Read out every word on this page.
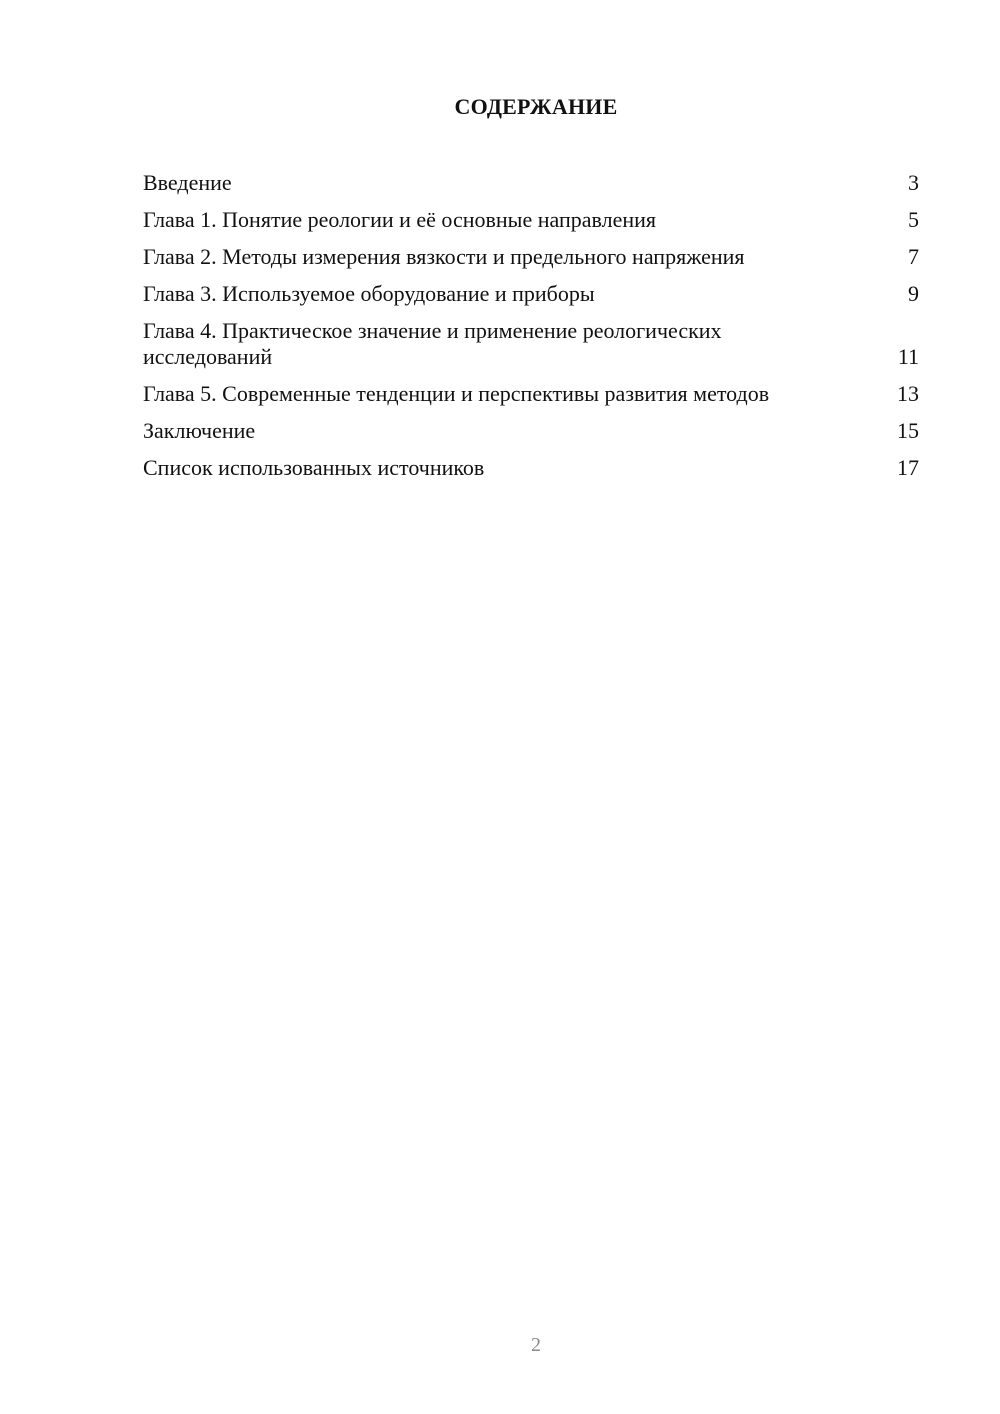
СОДЕРЖАНИЕ
Введение	3
Глава 1. Понятие реологии и её основные направления	5
Глава 2. Методы измерения вязкости и предельного напряжения	7
Глава 3. Используемое оборудование и приборы	9
Глава 4. Практическое значение и применение реологических исследований	11
Глава 5. Современные тенденции и перспективы развития методов	13
Заключение	15
Список использованных источников	17
2
